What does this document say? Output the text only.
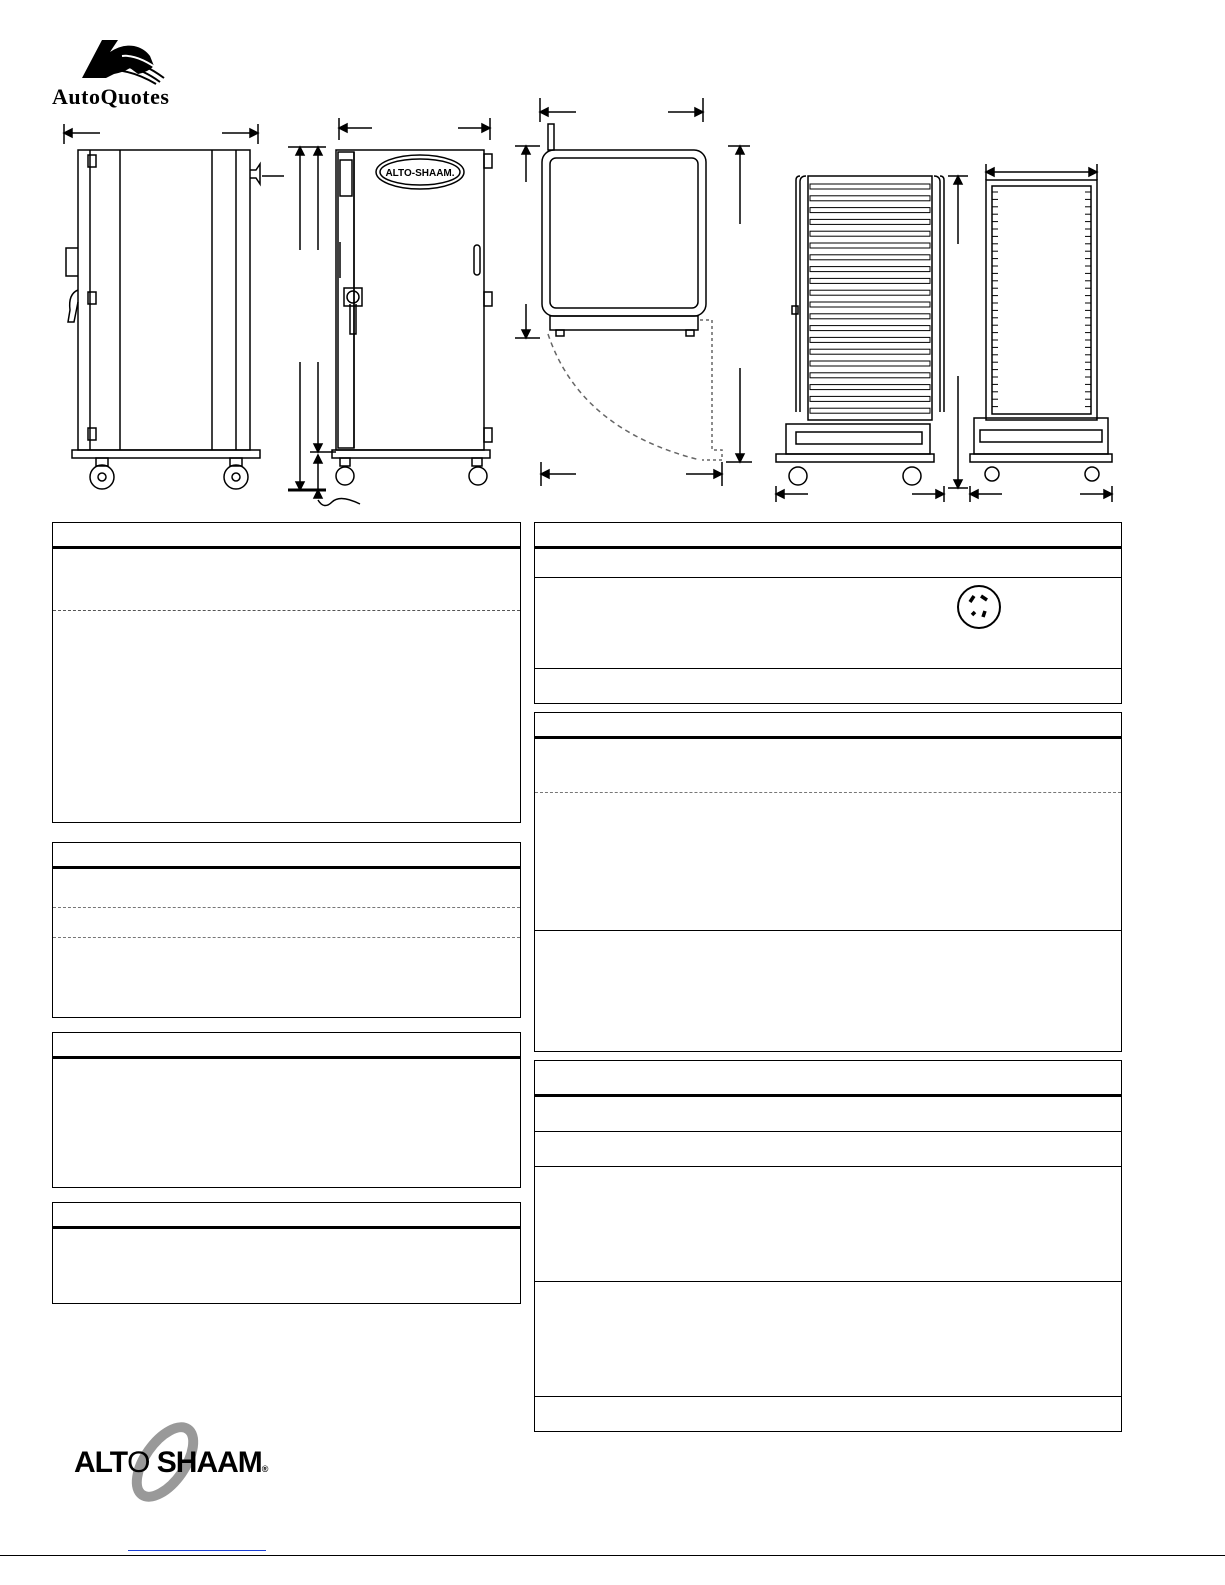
AutoQuotes
ALTO-SHAAM.
ALTO SHAAM®
